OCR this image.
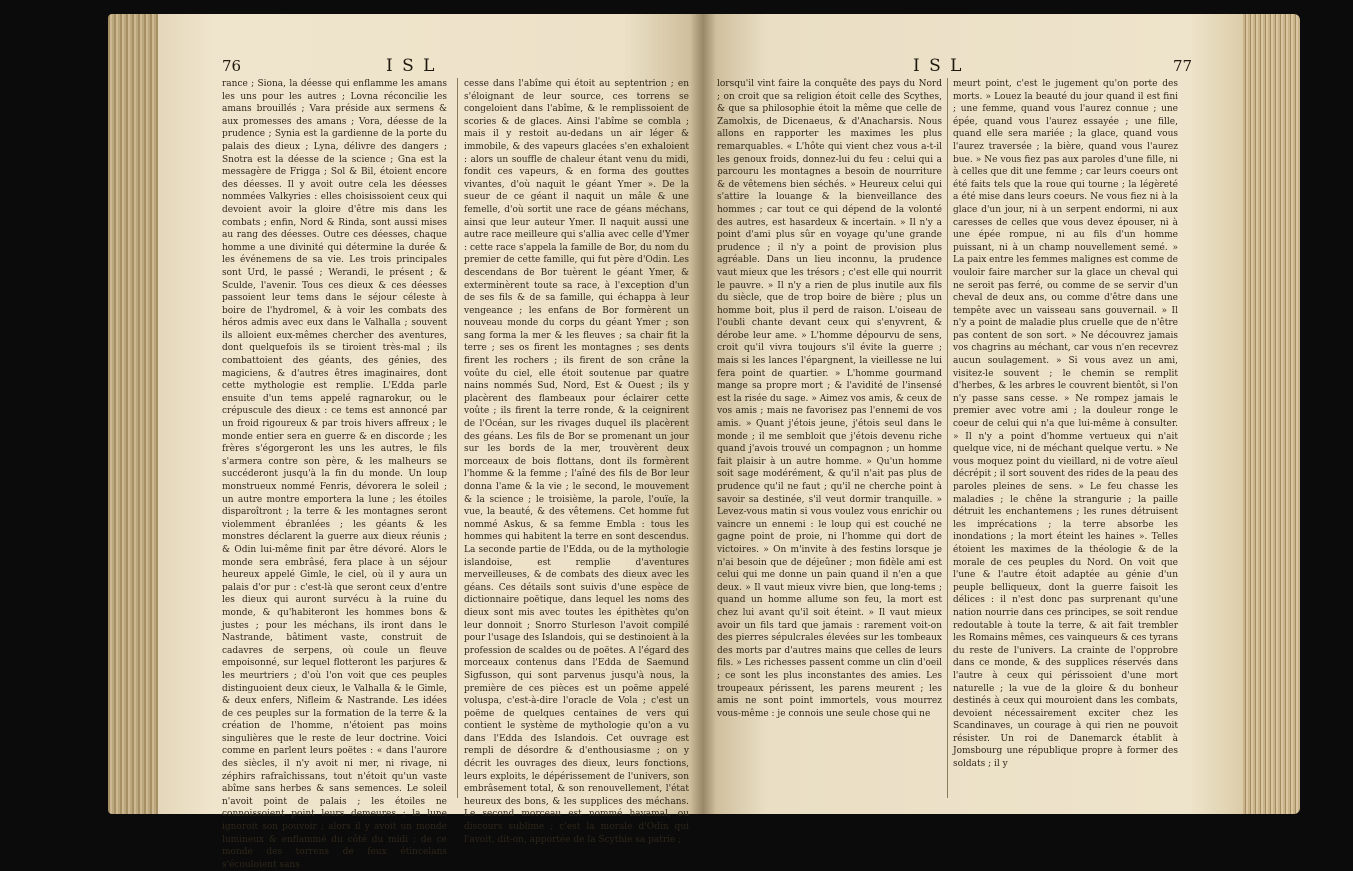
76	I S L
rance ; Siona, la déesse qui enflamme les amans les uns pour les autres ; Lovna réconcilie les amans brouillés ; Vara préside aux sermens & aux promesses des amans ; Vora, déesse de la prudence ; Synia est la gardienne de la porte du palais des dieux ; Lyna, délivre des dangers ; Snotra est la déesse de la science ; Gna est la messagère de Frigga ; Sol & Bil, étoient encore des déesses. Il y avoit outre cela les déesses nommées Valkyries : elles choisissoient ceux qui devoient avoir la gloire d'être mis dans les combats ; enfin, Nord & Rinda, sont aussi mises au rang des déesses. Outre ces déesses, chaque homme a une divinité qui détermine la durée & les événemens de sa vie. Les trois principales sont Urd, le passé ; Werandi, le présent ; & Sculde, l'avenir. Tous ces dieux & ces déesses passoient leur tems dans le séjour céleste à boire de l'hydromel, & à voir les combats des héros admis avec eux dans le Valhalla ; souvent ils alloient eux-mêmes chercher des aventures, dont quelquefois ils se tiroient très-mal ; ils combattoient des géants, des génies, des magiciens, & d'autres êtres imaginaires, dont cette mythologie est remplie. L'Edda parle ensuite d'un tems appelé ragnarokur, ou le crépuscule des dieux : ce tems est annoncé par un froid rigoureux & par trois hivers affreux ; le monde entier sera en guerre & en discorde ; les frères s'égorgeront les uns les autres, le fils s'armera contre son père, & les malheurs se succéderont jusqu'à la fin du monde. Un loup monstrueux nommé Fenris, dévorera le soleil ; un autre montre emportera la lune ; les étoiles disparoîtront ; la terre & les montagnes seront violemment ébranlées ; les géants & les monstres déclarent la guerre aux dieux réunis ; & Odin lui-même finit par être dévoré. Alors le monde sera embrâsé, fera place à un séjour heureux appelé Gimle, le ciel, où il y aura un palais d'or pur : c'est-là que seront ceux d'entre les dieux qui auront survécu à la ruine du monde, & qu'habiteront les hommes bons & justes ; pour les méchans, ils iront dans le Nastrande, bâtiment vaste, construit de cadavres de serpens, où coule un fleuve empoisonné, sur lequel flotteront les parjures & les meurtriers ; d'où l'on voit que ces peuples distinguoient deux cieux, le Valhalla & le Gimle, & deux enfers, Nifleim & Nastrande. Les idées de ces peuples sur la formation de la terre & la création de l'homme, n'étoient pas moins singulières que le reste de leur doctrine. Voici comme en parlent leurs poëtes : « dans l'aurore des siècles, il n'y avoit ni mer, ni rivage, ni zéphirs rafraîchissans, tout n'étoit qu'un vaste abîme sans herbes & sans semences. Le soleil n'avoit point de palais ; les étoiles ne connoissoient point leurs demeures ; la lune ignoroit son pouvoir ; alors il y avoit un monde lumineux & enflammé du côté du midi ; de ce monde des torrens de feux étincelans s'écouloient sans
cesse dans l'abîme qui étoit au septentrion ; en s'éloignant de leur source, ces torrens se congeloient dans l'abîme, & le remplissoient de scories & de glaces. Ainsi l'abîme se combla ; mais il y restoit au-dedans un air léger & immobile, & des vapeurs glacées s'en exhaloient : alors un souffle de chaleur étant venu du midi, fondit ces vapeurs, & en forma des gouttes vivantes, d'où naquit le géant Ymer ». De la sueur de ce géant il naquit un mâle & une femelle, d'où sortit une race de géans méchans, ainsi que leur auteur Ymer. Il naquit aussi une autre race meilleure qui s'allia avec celle d'Ymer : cette race s'appela la famille de Bor, du nom du premier de cette famille, qui fut père d'Odin. Les descendans de Bor tuèrent le géant Ymer, & exterminèrent toute sa race, à l'exception d'un de ses fils & de sa famille, qui échappa à leur vengeance ; les enfans de Bor formèrent un nouveau monde du corps du géant Ymer ; son sang forma la mer & les fleuves ; sa chair fit la terre ; ses os firent les montagnes ; ses dents firent les rochers ; ils firent de son crâne la voûte du ciel, elle étoit soutenue par quatre nains nommés Sud, Nord, Est & Ouest ; ils y placèrent des flambeaux pour éclairer cette voûte ; ils firent la terre ronde, & la ceignirent de l'Océan, sur les rivages duquel ils placèrent des géans. Les fils de Bor se promenant un jour sur les bords de la mer, trouvèrent deux morceaux de bois flottans, dont ils formèrent l'homme & la femme ; l'aîné des fils de Bor leur donna l'ame & la vie ; le second, le mouvement & la science ; le troisième, la parole, l'ouïe, la vue, la beauté, & des vêtemens. Cet homme fut nommé Askus, & sa femme Embla : tous les hommes qui habitent la terre en sont descendus. La seconde partie de l'Edda, ou de la mythologie islandoise, est remplie d'aventures merveilleuses, & de combats des dieux avec les géans. Ces détails sont suivis d'une espèce de dictionnaire poëtique, dans lequel les noms des dieux sont mis avec toutes les épithètes qu'on leur donnoit ; Snorro Sturleson l'avoit compilé pour l'usage des Islandois, qui se destinoient à la profession de scaldes ou de poëtes. A l'égard des morceaux contenus dans l'Edda de Saemund Sigfusson, qui sont parvenus jusqu'à nous, la première de ces pièces est un poëme appelé voluspa, c'est-à-dire l'oracle de Vola ; c'est un poëme de quelques centaines de vers qui contient le système de mythologie qu'on a vu dans l'Edda des Islandois. Cet ouvrage est rempli de désordre & d'enthousiasme ; on y décrit les ouvrages des dieux, leurs fonctions, leurs exploits, le dépérissement de l'univers, son embrâsement total, & son renouvellement, l'état heureux des bons, & les supplices des méchans. Le second morceau est nommé havamal, ou discours sublime ; c'est la morale d'Odin qui l'avoit, dit-on, apportée de la Scythie sa patrie ;
I S L	77
lorsqu'il vint faire la conquête des pays du Nord ; on croit que sa religion étoit celle des Scythes, & que sa philosophie étoit la même que celle de Zamolxis, de Dicenaeus, & d'Anacharsis. Nous allons en rapporter les maximes les plus remarquables. « L'hôte qui vient chez vous a-t-il les genoux froids, donnez-lui du feu : celui qui a parcouru les montagnes a besoin de nourriture & de vêtemens bien séchés. » Heureux celui qui s'attire la louange & la bienveillance des hommes ; car tout ce qui dépend de la volonté des autres, est hasardeux & incertain. » Il n'y a point d'ami plus sûr en voyage qu'une grande prudence ; il n'y a point de provision plus agréable. Dans un lieu inconnu, la prudence vaut mieux que les trésors ; c'est elle qui nourrit le pauvre. » Il n'y a rien de plus inutile aux fils du siècle, que de trop boire de bière ; plus un homme boit, plus il perd de raison. L'oiseau de l'oubli chante devant ceux qui s'enyvrent, & dérobe leur ame. » L'homme dépourvu de sens, croit qu'il vivra toujours s'il évite la guerre ; mais si les lances l'épargnent, la vieillesse ne lui fera point de quartier. » L'homme gourmand mange sa propre mort ; & l'avidité de l'insensé est la risée du sage. » Aimez vos amis, & ceux de vos amis ; mais ne favorisez pas l'ennemi de vos amis. » Quant j'étois jeune, j'étois seul dans le monde ; il me sembloit que j'étois devenu riche quand j'avois trouvé un compagnon ; un homme fait plaisir à un autre homme. » Qu'un homme soit sage modérément, & qu'il n'ait pas plus de prudence qu'il ne faut ; qu'il ne cherche point à savoir sa destinée, s'il veut dormir tranquille. » Levez-vous matin si vous voulez vous enrichir ou vaincre un ennemi : le loup qui est couché ne gagne point de proie, ni l'homme qui dort de victoires. » On m'invite à des festins lorsque je n'ai besoin que de déjeûner ; mon fidèle ami est celui qui me donne un pain quand il n'en a que deux. » Il vaut mieux vivre bien, que long-tems ; quand un homme allume son feu, la mort est chez lui avant qu'il soit éteint. » Il vaut mieux avoir un fils tard que jamais : rarement voit-on des pierres sépulcrales élevées sur les tombeaux des morts par d'autres mains que celles de leurs fils. » Les richesses passent comme un clin d'oeil ; ce sont les plus inconstantes des amies. Les troupeaux périssent, les parens meurent ; les amis ne sont point immortels, vous mourrez vous-même : je connois une seule chose qui ne
meurt point, c'est le jugement qu'on porte des morts. » Louez la beauté du jour quand il est fini ; une femme, quand vous l'aurez connue ; une épée, quand vous l'aurez essayée ; une fille, quand elle sera mariée ; la glace, quand vous l'aurez traversée ; la bière, quand vous l'aurez bue. » Ne vous fiez pas aux paroles d'une fille, ni à celles que dit une femme ; car leurs coeurs ont été faits tels que la roue qui tourne ; la légèreté a été mise dans leurs coeurs. Ne vous fiez ni à la glace d'un jour, ni à un serpent endormi, ni aux caresses de celles que vous devez épouser, ni à une épée rompue, ni au fils d'un homme puissant, ni à un champ nouvellement semé. » La paix entre les femmes malignes est comme de vouloir faire marcher sur la glace un cheval qui ne seroit pas ferré, ou comme de se servir d'un cheval de deux ans, ou comme d'être dans une tempête avec un vaisseau sans gouvernail. » Il n'y a point de maladie plus cruelle que de n'être pas content de son sort. » Ne découvrez jamais vos chagrins au méchant, car vous n'en recevrez aucun soulagement. » Si vous avez un ami, visitez-le souvent ; le chemin se remplit d'herbes, & les arbres le couvrent bientôt, si l'on n'y passe sans cesse. » Ne rompez jamais le premier avec votre ami ; la douleur ronge le coeur de celui qui n'a que lui-même à consulter. » Il n'y a point d'homme vertueux qui n'ait quelque vice, ni de méchant quelque vertu. » Ne vous moquez point du vieillard, ni de votre aïeul décrépit ; il sort souvent des rides de la peau des paroles pleines de sens. » Le feu chasse les maladies ; le chêne la strangurie ; la paille détruit les enchantemens ; les runes détruisent les imprécations ; la terre absorbe les inondations ; la mort éteint les haines ». Telles étoient les maximes de la théologie & de la morale de ces peuples du Nord. On voit que l'une & l'autre étoit adaptée au génie d'un peuple belliqueux, dont la guerre faisoit les délices : il n'est donc pas surprenant qu'une nation nourrie dans ces principes, se soit rendue redoutable à toute la terre, & ait fait trembler les Romains mêmes, ces vainqueurs & ces tyrans du reste de l'univers. La crainte de l'opprobre dans ce monde, & des supplices réservés dans l'autre à ceux qui périssoient d'une mort naturelle ; la vue de la gloire & du bonheur destinés à ceux qui mouroient dans les combats, devoient nécessairement exciter chez les Scandinaves, un courage à qui rien ne pouvoit résister. Un roi de Danemarck établit à Jomsbourg une république propre à former des soldats ; il y
